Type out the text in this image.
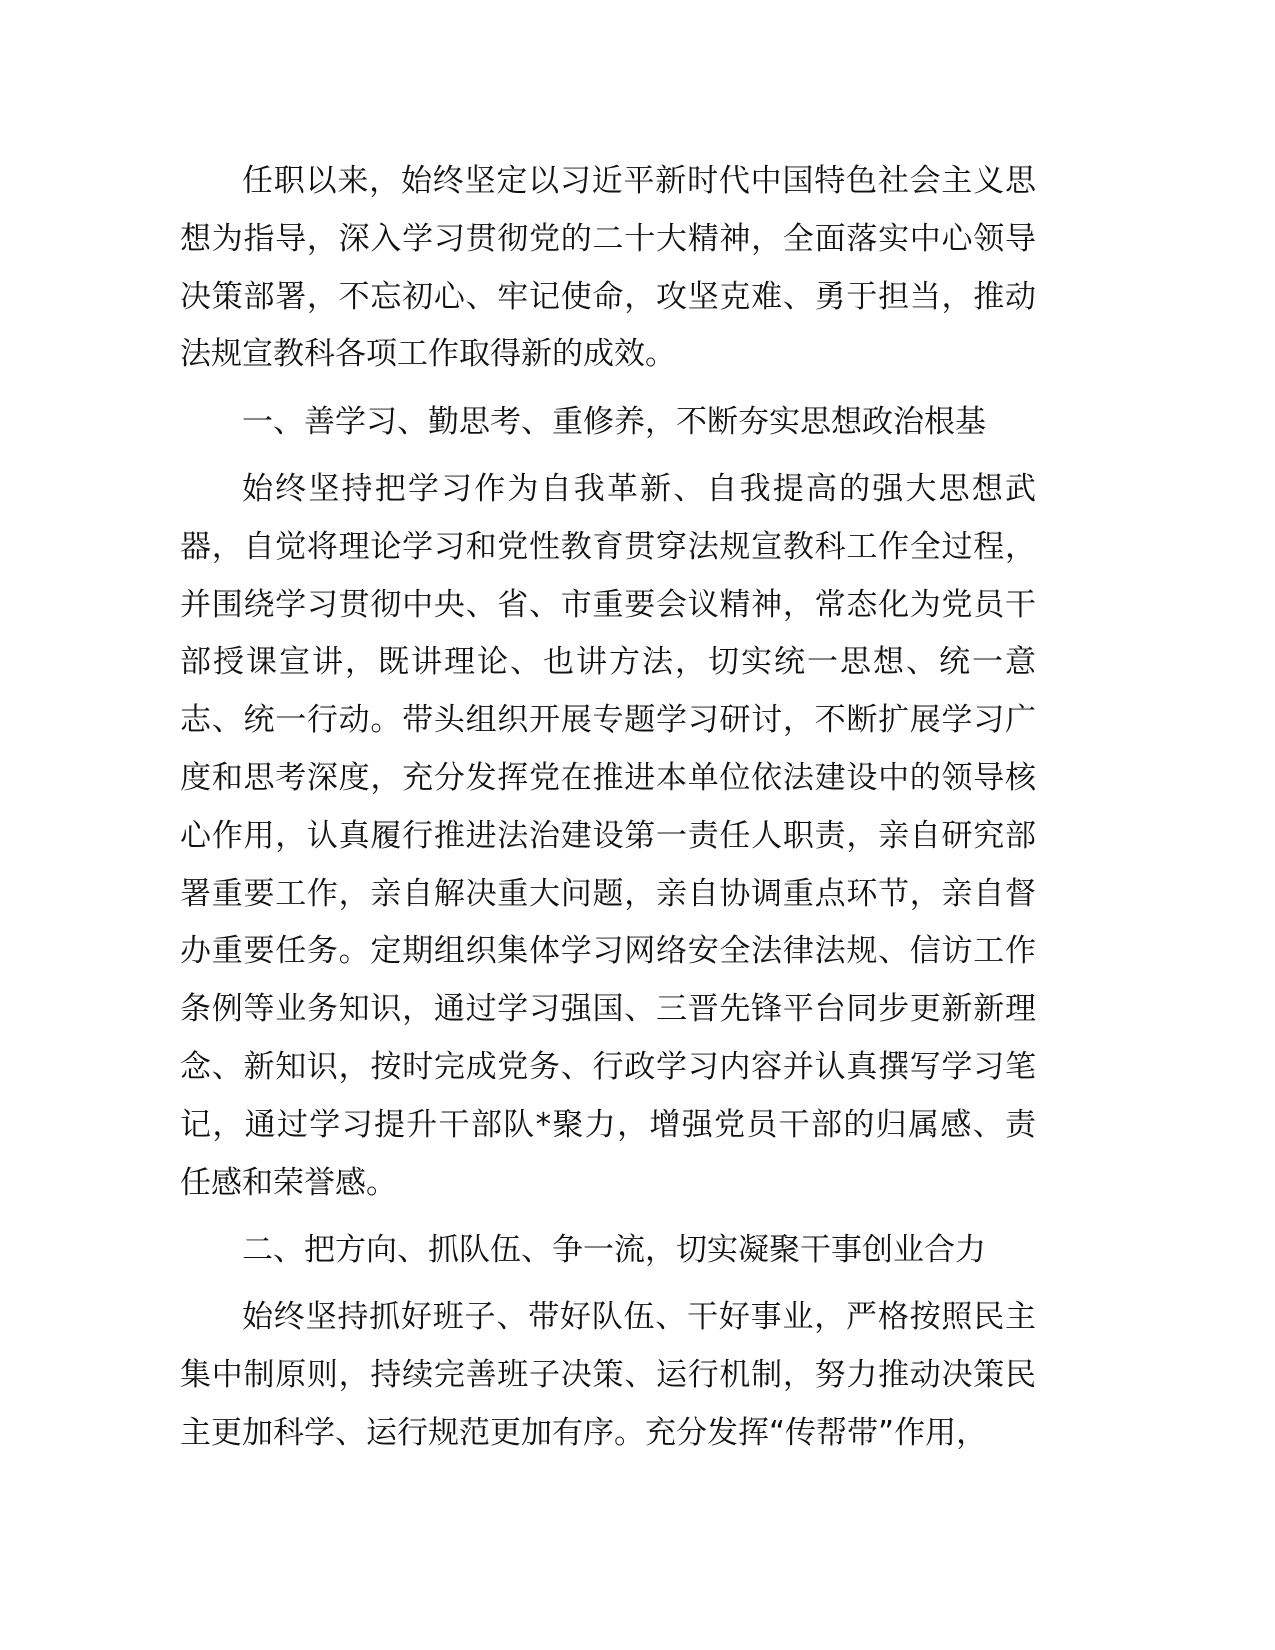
任职以来，始终坚定以习近平新时代中国特色社会主义思
想为指导，深入学习贯彻党的二十大精神，全面落实中心领导
决策部署，不忘初心、牢记使命，攻坚克难、勇于担当，推动
法规宣教科各项工作取得新的成效。
一、善学习、勤思考、重修养，不断夯实思想政治根基
始终坚持把学习作为自我革新、自我提高的强大思想武
器，自觉将理论学习和党性教育贯穿法规宣教科工作全过程，
并围绕学习贯彻中央、省、市重要会议精神，常态化为党员干
部授课宣讲，既讲理论、也讲方法，切实统一思想、统一意
志、统一行动。带头组织开展专题学习研讨，不断扩展学习广
度和思考深度，充分发挥党在推进本单位依法建设中的领导核
心作用，认真履行推进法治建设第一责任人职责，亲自研究部
署重要工作，亲自解决重大问题，亲自协调重点环节，亲自督
办重要任务。定期组织集体学习网络安全法律法规、信访工作
条例等业务知识，通过学习强国、三晋先锋平台同步更新新理
念、新知识，按时完成党务、行政学习内容并认真撰写学习笔
记，通过学习提升干部队*聚力，增强党员干部的归属感、责
任感和荣誉感。
二、把方向、抓队伍、争一流，切实凝聚干事创业合力
始终坚持抓好班子、带好队伍、干好事业，严格按照民主
集中制原则，持续完善班子决策、运行机制，努力推动决策民
主更加科学、运行规范更加有序。充分发挥“传帮带”作用，
